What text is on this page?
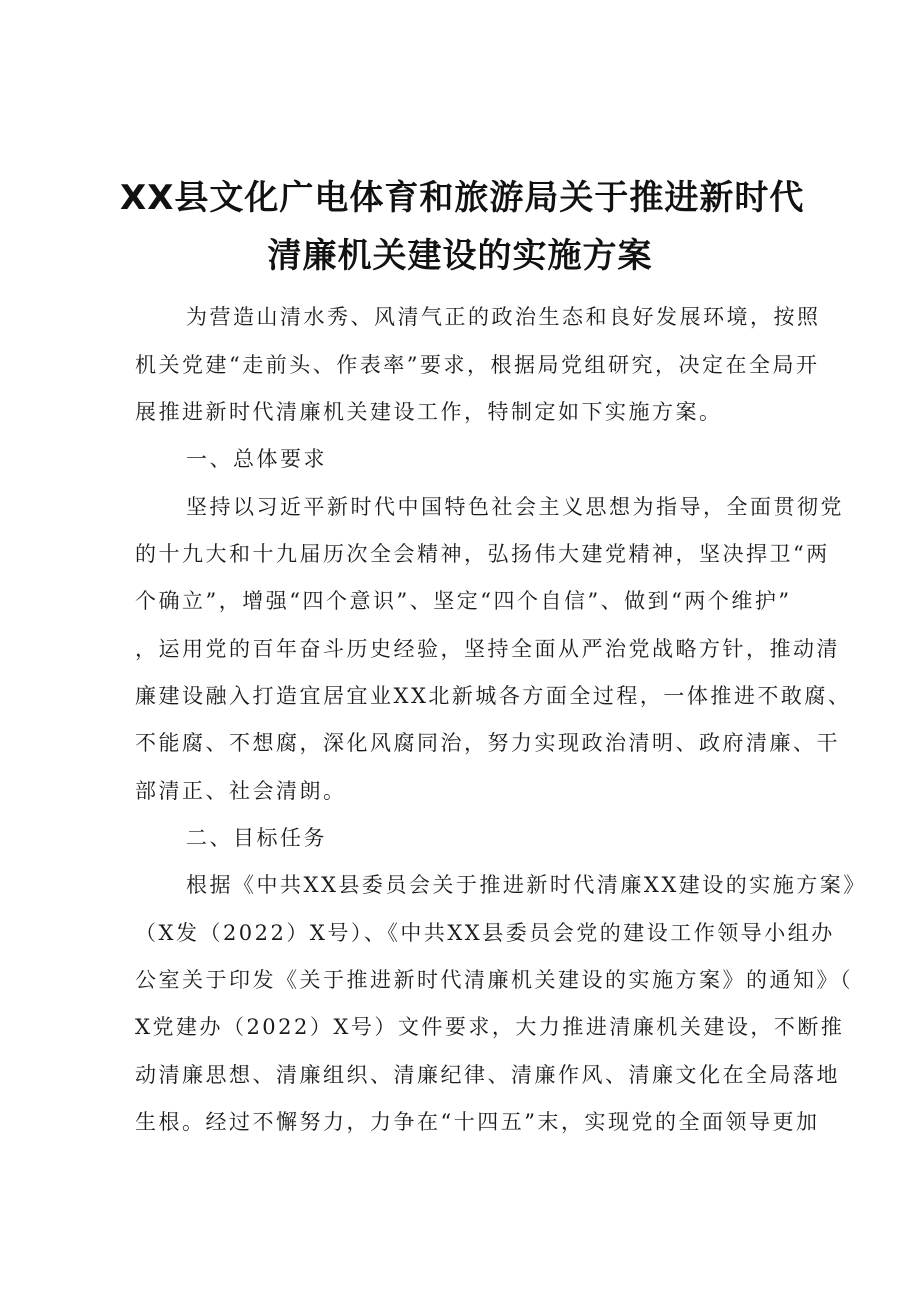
XX县文化广电体育和旅游局关于推进新时代
清廉机关建设的实施方案
为营造山清水秀、风清气正的政治生态和良好发展环境，按照
机关党建“走前头、作表率”要求，根据局党组研究，决定在全局开
展推进新时代清廉机关建设工作，特制定如下实施方案。
一、总体要求
坚持以习近平新时代中国特色社会主义思想为指导，全面贯彻党
的十九大和十九届历次全会精神，弘扬伟大建党精神，坚决捍卫“两
个确立”，增强“四个意识”、坚定“四个自信”、做到“两个维护”
，运用党的百年奋斗历史经验，坚持全面从严治党战略方针，推动清
廉建设融入打造宜居宜业XX北新城各方面全过程，一体推进不敢腐、
不能腐、不想腐，深化风腐同治，努力实现政治清明、政府清廉、干
部清正、社会清朗。
二、目标任务
根据《中共XX县委员会关于推进新时代清廉XX建设的实施方案》
（X发（2022）X号）、《中共XX县委员会党的建设工作领导小组办
公室关于印发《关于推进新时代清廉机关建设的实施方案》的通知》（
X党建办（2022）X号）文件要求，大力推进清廉机关建设，不断推
动清廉思想、清廉组织、清廉纪律、清廉作风、清廉文化在全局落地
生根。经过不懈努力，力争在“十四五”末，实现党的全面领导更加
